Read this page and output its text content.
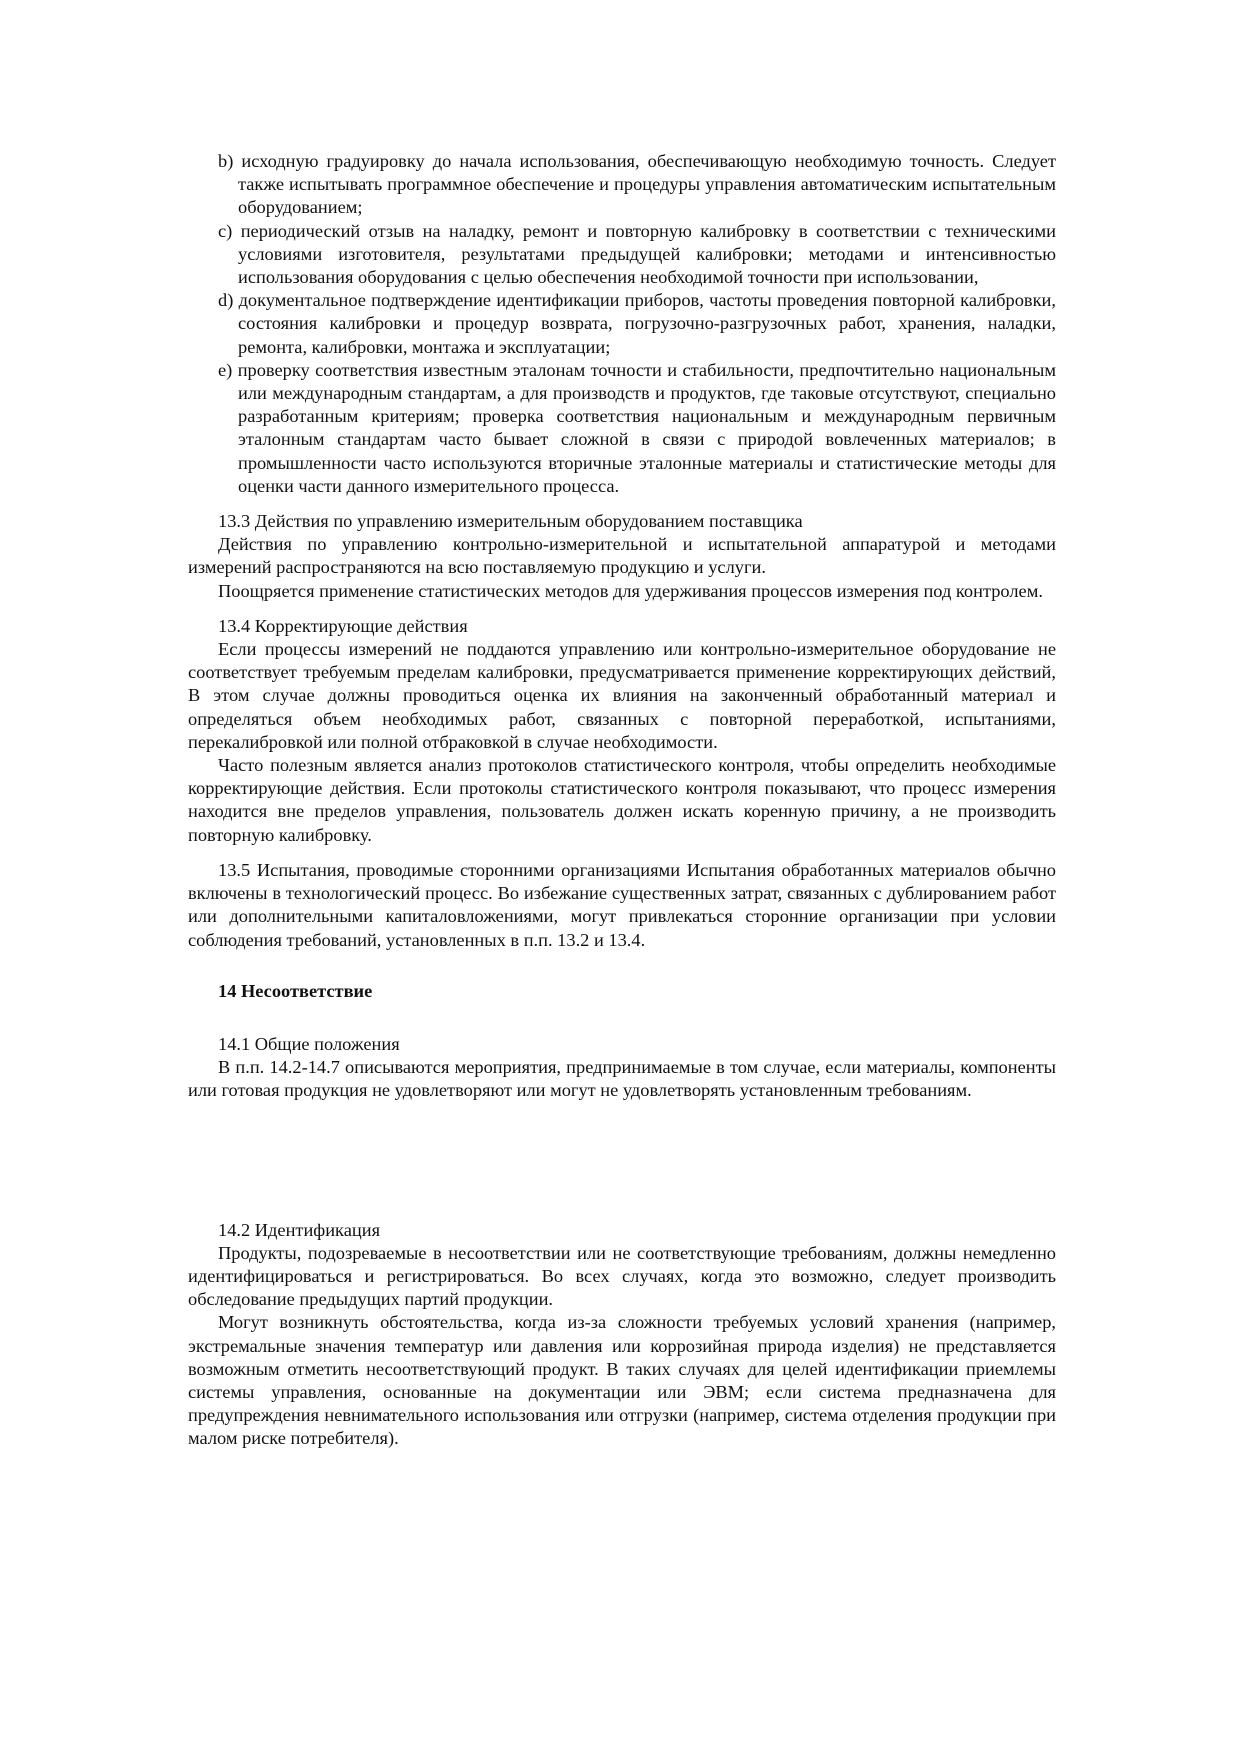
b) исходную градуировку до начала использования, обеспечивающую необходимую точность. Следует также испытывать программное обеспечение и процедуры управления автоматическим испытательным оборудованием;
c) периодический отзыв на наладку, ремонт и повторную калибровку в соответствии с техническими условиями изготовителя, результатами предыдущей калибровки; методами и интенсивностью использования оборудования с целью обеспечения необходимой точности при использовании,
d) документальное подтверждение идентификации приборов, частоты проведения повторной калибровки, состояния калибровки и процедур возврата, погрузочно-разгрузочных работ, хранения, наладки, ремонта, калибровки, монтажа и эксплуатации;
e) проверку соответствия известным эталонам точности и стабильности, предпочтительно национальным или международным стандартам, а для производств и продуктов, где таковые отсутствуют, специально разработанным критериям; проверка соответствия национальным и международным первичным эталонным стандартам часто бывает сложной в связи с природой вовлеченных материалов; в промышленности часто используются вторичные эталонные материалы и статистические методы для оценки части данного измерительного процесса.

13.3 Действия по управлению измерительным оборудованием поставщика

Действия по управлению контрольно-измерительной и испытательной аппаратурой и методами измерений распространяются на всю поставляемую продукцию и услуги.

Поощряется применение статистических методов для удерживания процессов измерения под контролем.

13.4 Корректирующие действия

Если процессы измерений не поддаются управлению или контрольно-измерительное оборудование не соответствует требуемым пределам калибровки, предусматривается применение корректирующих действий, В этом случае должны проводиться оценка их влияния на законченный обработанный материал и определяться объем необходимых работ, связанных с повторной переработкой, испытаниями, перекалибровкой или полной отбраковкой в случае необходимости.

Часто полезным является анализ протоколов статистического контроля, чтобы определить необходимые корректирующие действия. Если протоколы статистического контроля показывают, что процесс измерения находится вне пределов управления, пользователь должен искать коренную причину, а не производить повторную калибровку.

13.5 Испытания, проводимые сторонними организациями Испытания обработанных материалов обычно включены в технологический процесс. Во избежание существенных затрат, связанных с дублированием работ или дополнительными капиталовложениями, могут привлекаться сторонние организации при условии соблюдения требований, установленных в п.п. 13.2 и 13.4.

14 Несоответствие

14.1 Общие положения

В п.п. 14.2-14.7 описываются мероприятия, предпринимаемые в том случае, если материалы, компоненты или готовая продукция не удовлетворяют или могут не удовлетворять установленным требованиям.

14.2 Идентификация

Продукты, подозреваемые в несоответствии или не соответствующие требованиям, должны немедленно идентифицироваться и регистрироваться. Во всех случаях, когда это возможно, следует производить обследование предыдущих партий продукции.

Могут возникнуть обстоятельства, когда из-за сложности требуемых условий хранения (например, экстремальные значения температур или давления или коррозийная природа изделия) не представляется возможным отметить несоответствующий продукт. В таких случаях для целей идентификации приемлемы системы управления, основанные на документации или ЭВМ; если система предназначена для предупреждения невнимательного использования или отгрузки (например, система отделения продукции при малом риске потребителя).
